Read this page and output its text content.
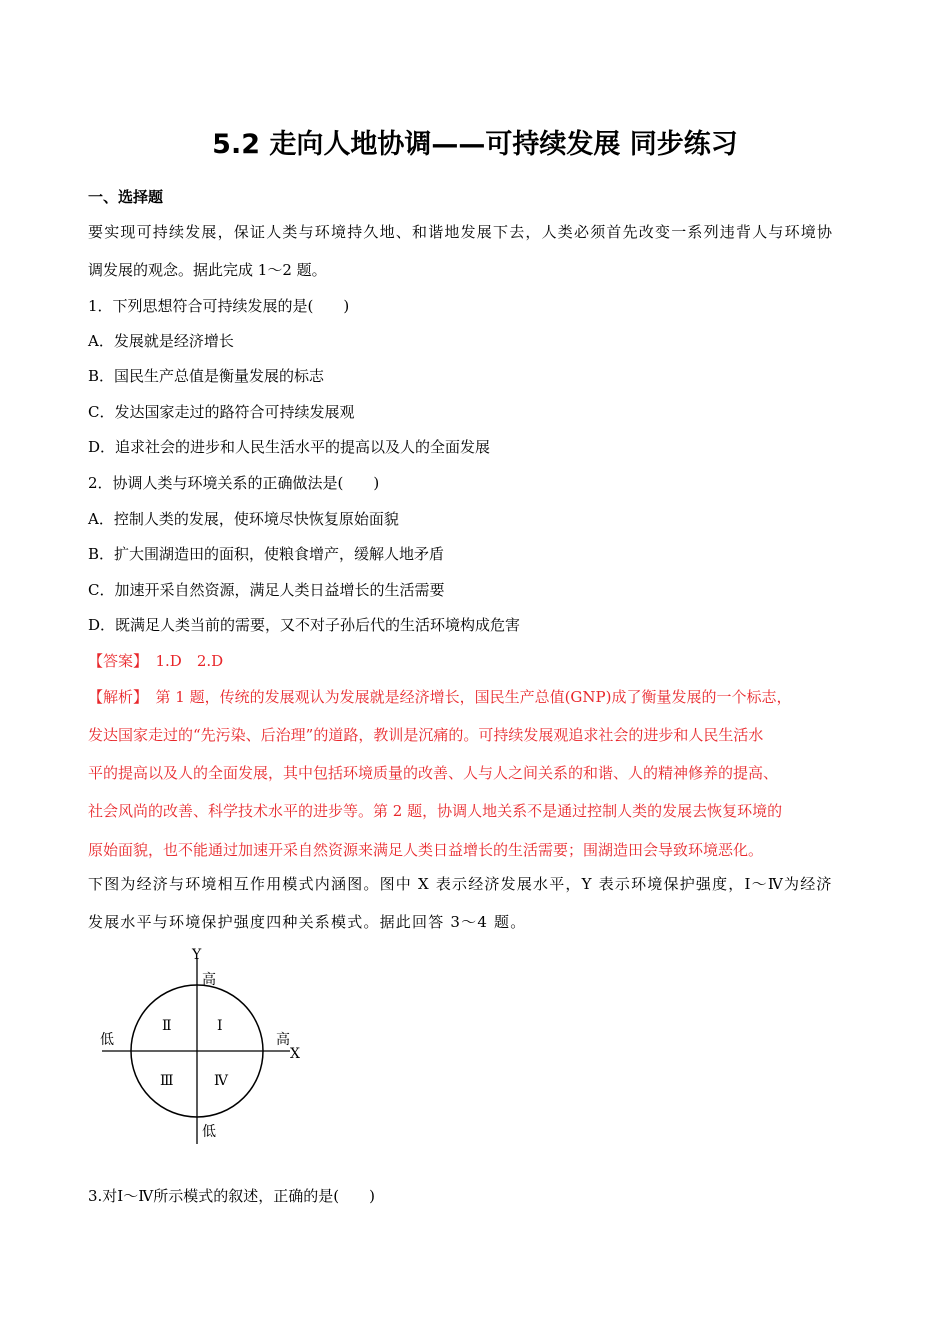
5.2 走向人地协调——可持续发展 同步练习
一、选择题
要实现可持续发展，保证人类与环境持久地、和谐地发展下去，人类必须首先改变一系列违背人与环境协
调发展的观念。据此完成 1～2 题。
1．下列思想符合可持续发展的是(　　)
A．发展就是经济增长
B．国民生产总值是衡量发展的标志
C．发达国家走过的路符合可持续发展观
D．追求社会的进步和人民生活水平的提高以及人的全面发展
2．协调人类与环境关系的正确做法是(　　)
A．控制人类的发展，使环境尽快恢复原始面貌
B．扩大围湖造田的面积，使粮食增产，缓解人地矛盾
C．加速开采自然资源，满足人类日益增长的生活需要
D．既满足人类当前的需要，又不对子孙后代的生活环境构成危害
【答案】　1.D　2.D
【解析】　第 1 题，传统的发展观认为发展就是经济增长，国民生产总值(GNP)成了衡量发展的一个标志，
发达国家走过的“先污染、后治理”的道路，教训是沉痛的。可持续发展观追求社会的进步和人民生活水
平的提高以及人的全面发展，其中包括环境质量的改善、人与人之间关系的和谐、人的精神修养的提高、
社会风尚的改善、科学技术水平的进步等。第 2 题，协调人地关系不是通过控制人类的发展去恢复环境的
原始面貌，也不能通过加速开采自然资源来满足人类日益增长的生活需要；围湖造田会导致环境恶化。
下图为经济与环境相互作用模式内涵图。图中 X 表示经济发展水平，Y 表示环境保护强度，Ⅰ～Ⅳ为经济
发展水平与环境保护强度四种关系模式。据此回答 3～4 题。
Y
高
低
低	高
X
Ⅰ
Ⅱ
Ⅲ	Ⅳ
3.对Ⅰ～Ⅳ所示模式的叙述，正确的是(　　)
